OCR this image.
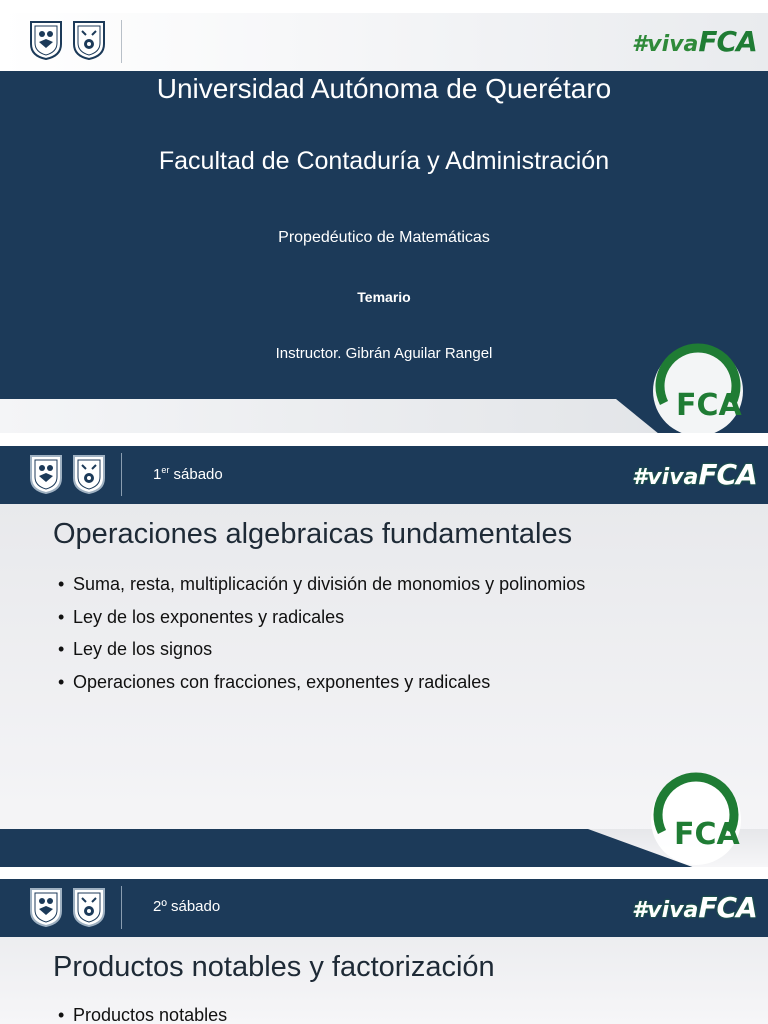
#vivaFCA
Universidad Autónoma de Querétaro
Facultad de Contaduría y Administración
Propedéutico de Matemáticas
Temario
Instructor. Gibrán Aguilar Rangel
FCA
1er sábado	#vivaFCA
Operaciones algebraicas fundamentales
• Suma, resta, multiplicación y división de monomios y polinomios
• Ley de los exponentes y radicales
• Ley de los signos
• Operaciones con fracciones, exponentes y radicales
FCA
2º sábado	#vivaFCA
Productos notables y factorización
• Productos notables
